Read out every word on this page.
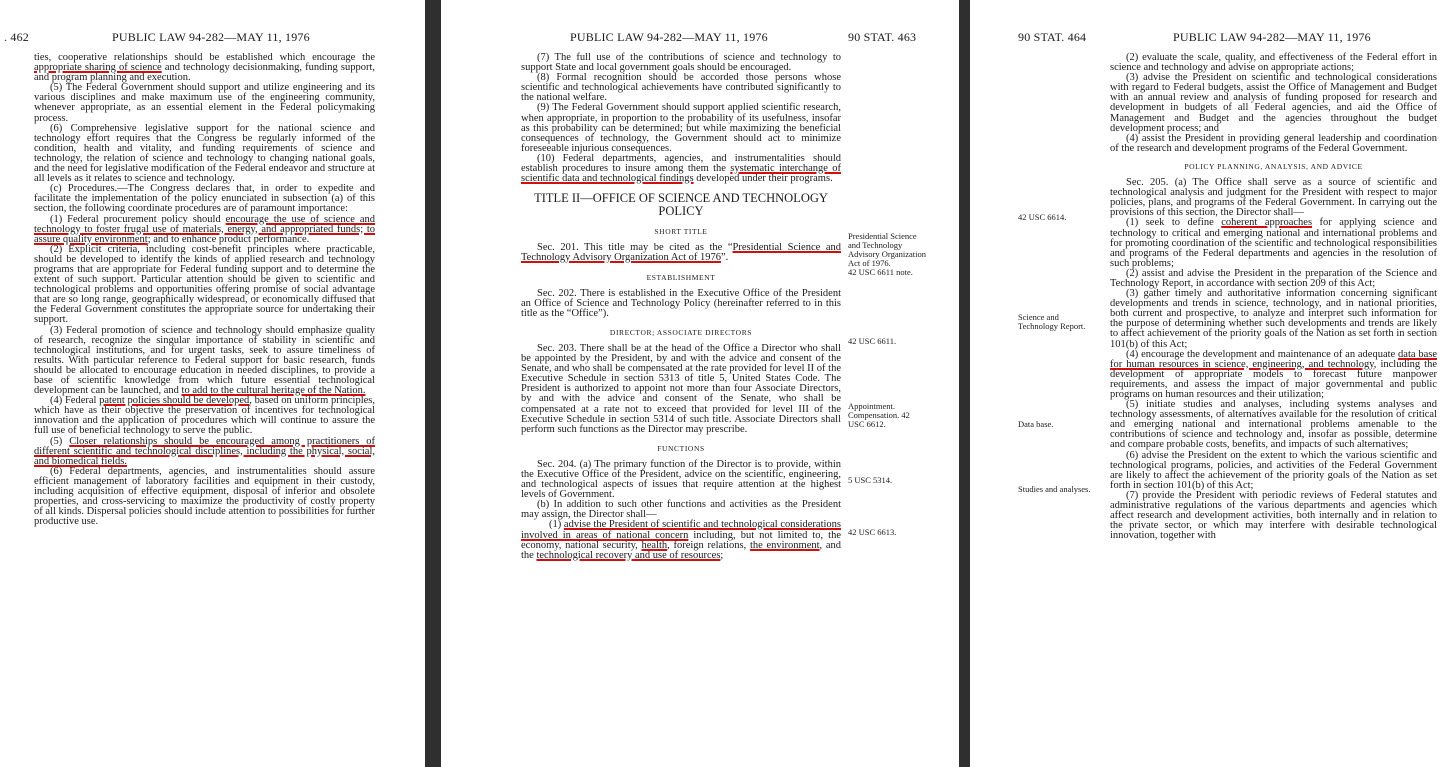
. 462	PUBLIC LAW 94-282—MAY 11, 1976

ties, cooperative relationships should be established which encourage the appropriate sharing of science and technology decisionmaking, funding support, and program planning and execution.

(5) The Federal Government should support and utilize engineering and its various disciplines and make maximum use of the engineering community, whenever appropriate, as an essential element in the Federal policymaking process.

(6) Comprehensive legislative support for the national science and technology effort requires that the Congress be regularly informed of the condition, health and vitality, and funding requirements of science and technology, the relation of science and technology to changing national goals, and the need for legislative modification of the Federal endeavor and structure at all levels as it relates to science and technology.

(c) Procedures.—The Congress declares that, in order to expedite and facilitate the implementation of the policy enunciated in subsection (a) of this section, the following coordinate procedures are of paramount importance:

(1) Federal procurement policy should encourage the use of science and technology to foster frugal use of materials, energy, and appropriated funds; to assure quality environment; and to enhance product performance.

(2) Explicit criteria, including cost-benefit principles where practicable, should be developed to identify the kinds of applied research and technology programs that are appropriate for Federal funding support and to determine the extent of such support. Particular attention should be given to scientific and technological problems and opportunities offering promise of social advantage that are so long range, geographically widespread, or economically diffused that the Federal Government constitutes the appropriate source for undertaking their support.

(3) Federal promotion of science and technology should emphasize quality of research, recognize the singular importance of stability in scientific and technological institutions, and for urgent tasks, seek to assure timeliness of results. With particular reference to Federal support for basic research, funds should be allocated to encourage education in needed disciplines, to provide a base of scientific knowledge from which future essential technological development can be launched, and to add to the cultural heritage of the Nation.

(4) Federal patent policies should be developed, based on uniform principles, which have as their objective the preservation of incentives for technological innovation and the application of procedures which will continue to assure the full use of beneficial technology to serve the public.

(5) Closer relationships should be encouraged among practitioners of different scientific and technological disciplines, including the physical, social, and biomedical fields.

(6) Federal departments, agencies, and instrumentalities should assure efficient management of laboratory facilities and equipment in their custody, including acquisition of effective equipment, disposal of inferior and obsolete properties, and cross-servicing to maximize the productivity of costly property of all kinds. Dispersal policies should include attention to possibilities for further productive use.

PUBLIC LAW 94-282—MAY 11, 1976	90 STAT. 463

(7) The full use of the contributions of science and technology to support State and local government goals should be encouraged.

(8) Formal recognition should be accorded those persons whose scientific and technological achievements have contributed significantly to the national welfare.

(9) The Federal Government should support applied scientific research, when appropriate, in proportion to the probability of its usefulness, insofar as this probability can be determined; but while maximizing the beneficial consequences of technology, the Government should act to minimize foreseeable injurious consequences.

(10) Federal departments, agencies, and instrumentalities should establish procedures to insure among them the systematic interchange of scientific data and technological findings developed under their programs.

TITLE II—OFFICE OF SCIENCE AND TECHNOLOGY POLICY
SHORT TITLE

Sec. 201. This title may be cited as the “Presidential Science and Technology Advisory Organization Act of 1976”.

ESTABLISHMENT

Sec. 202. There is established in the Executive Office of the President an Office of Science and Technology Policy (hereinafter referred to in this title as the “Office”).

DIRECTOR; ASSOCIATE DIRECTORS

Sec. 203. There shall be at the head of the Office a Director who shall be appointed by the President, by and with the advice and consent of the Senate, and who shall be compensated at the rate provided for level II of the Executive Schedule in section 5313 of title 5, United States Code. The President is authorized to appoint not more than four Associate Directors, by and with the advice and consent of the Senate, who shall be compensated at a rate not to exceed that provided for level III of the Executive Schedule in section 5314 of such title. Associate Directors shall perform such functions as the Director may prescribe.

FUNCTIONS

Sec. 204. (a) The primary function of the Director is to provide, within the Executive Office of the President, advice on the scientific, engineering, and technological aspects of issues that require attention at the highest levels of Government.

(b) In addition to such other functions and activities as the President may assign, the Director shall—

(1) advise the President of scientific and technological considerations involved in areas of national concern including, but not limited to, the economy, national security, health, foreign relations, the environment, and the technological recovery and use of resources;

Presidential Science and Technology Advisory Organization Act of 1976.
42 USC 6611 note.
42 USC 6611.
Appointment. Compensation. 42 USC 6612.
5 USC 5314.
42 USC 6613.
90 STAT. 464	PUBLIC LAW 94-282—MAY 11, 1976

(2) evaluate the scale, quality, and effectiveness of the Federal effort in science and technology and advise on appropriate actions;

(3) advise the President on scientific and technological considerations with regard to Federal budgets, assist the Office of Management and Budget with an annual review and analysis of funding proposed for research and development in budgets of all Federal agencies, and aid the Office of Management and Budget and the agencies throughout the budget development process; and

(4) assist the President in providing general leadership and coordination of the research and development programs of the Federal Government.

POLICY PLANNING, ANALYSIS, AND ADVICE

Sec. 205. (a) The Office shall serve as a source of scientific and technological analysis and judgment for the President with respect to major policies, plans, and programs of the Federal Government. In carrying out the provisions of this section, the Director shall—

(1) seek to define coherent approaches for applying science and technology to critical and emerging national and international problems and for promoting coordination of the scientific and technological responsibilities and programs of the Federal departments and agencies in the resolution of such problems;

(2) assist and advise the President in the preparation of the Science and Technology Report, in accordance with section 209 of this Act;

(3) gather timely and authoritative information concerning significant developments and trends in science, technology, and in national priorities, both current and prospective, to analyze and interpret such information for the purpose of determining whether such developments and trends are likely to affect achievement of the priority goals of the Nation as set forth in section 101(b) of this Act;

(4) encourage the development and maintenance of an adequate data base for human resources in science, engineering, and technology, including the development of appropriate models to forecast future manpower requirements, and assess the impact of major governmental and public programs on human resources and their utilization;

(5) initiate studies and analyses, including systems analyses and technology assessments, of alternatives available for the resolution of critical and emerging national and international problems amenable to the contributions of science and technology and, insofar as possible, determine and compare probable costs, benefits, and impacts of such alternatives;

(6) advise the President on the extent to which the various scientific and technological programs, policies, and activities of the Federal Government are likely to affect the achievement of the priority goals of the Nation as set forth in section 101(b) of this Act;

(7) provide the President with periodic reviews of Federal statutes and administrative regulations of the various departments and agencies which affect research and development activities, both internally and in relation to the private sector, or which may interfere with desirable technological innovation, together with

42 USC 6614.
Science and Technology Report.
Data base.
Studies and analyses.
